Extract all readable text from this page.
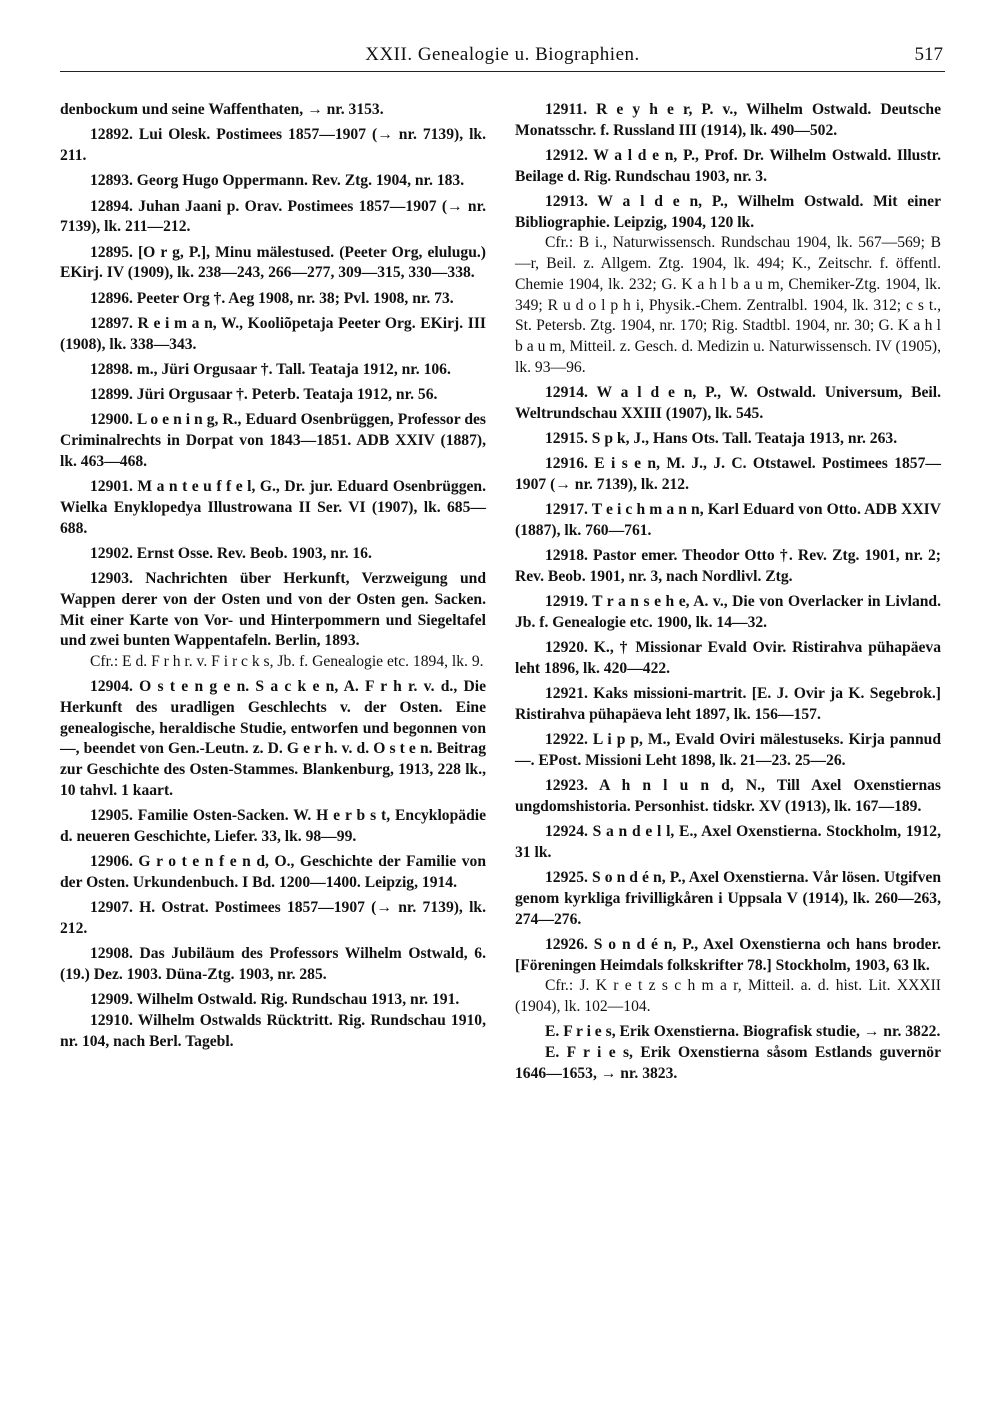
XXII. Genealogie u. Biographien.	517

denbockum und seine Waffenthaten, → nr. 3153.

12892. Lui Olesk. Postimees 1857—1907 (→ nr. 7139), lk. 211.

12893. Georg Hugo Oppermann. Rev. Ztg. 1904, nr. 183.

12894. Juhan Jaani p. Orav. Postimees 1857—1907 (→ nr. 7139), lk. 211—212.

12895. [O r g, P.], Minu mälestused. (Peeter Org, elulugu.) EKirj. IV (1909), lk. 238—243, 266—277, 309—315, 330—338.

12896. Peeter Org †. Aeg 1908, nr. 38; Pvl. 1908, nr. 73.

12897. R e i m a n, W., Kooliõpetaja Peeter Org. EKirj. III (1908), lk. 338—343.

12898. m., Jüri Orgusaar †. Tall. Teataja 1912, nr. 106.

12899. Jüri Orgusaar †. Peterb. Teataja 1912, nr. 56.

12900. L o e n i n g, R., Eduard Osenbrüggen, Professor des Criminalrechts in Dorpat von 1843—1851. ADB XXIV (1887), lk. 463—468.

12901. M a n t e u f f e l, G., Dr. jur. Eduard Osenbrüggen. Wielka Enyklopedya Illustrowana II Ser. VI (1907), lk. 685—688.

12902. Ernst Osse. Rev. Beob. 1903, nr. 16.

12903. Nachrichten über Herkunft, Verzweigung und Wappen derer von der Osten und von der Osten gen. Sacken. Mit einer Karte von Vor- und Hinterpommern und Siegeltafel und zwei bunten Wappentafeln. Berlin, 1893.

Cfr.: E d. F r h r. v. F i r c k s, Jb. f. Genealogie etc. 1894, lk. 9.

12904. O s t e n g e n. S a c k e n, A. F r h r. v. d., Die Herkunft des uradligen Geschlechts v. der Osten. Eine genealogische, heraldische Studie, entworfen und begonnen von —, beendet von Gen.-Leutn. z. D. G e r h. v. d. O s t e n. Beitrag zur Geschichte des Osten-Stammes. Blankenburg, 1913, 228 lk., 10 tahvl. 1 kaart.

12905. Familie Osten-Sacken. W. H e r b s t, Encyklopädie d. neueren Geschichte, Liefer. 33, lk. 98—99.

12906. G r o t e n f e n d, O., Geschichte der Familie von der Osten. Urkundenbuch. I Bd. 1200—1400. Leipzig, 1914.

12907. H. Ostrat. Postimees 1857—1907 (→ nr. 7139), lk. 212.

12908. Das Jubiläum des Professors Wilhelm Ostwald, 6. (19.) Dez. 1903. Düna-Ztg. 1903, nr. 285.

12909. Wilhelm Ostwald. Rig. Rundschau 1913, nr. 191.

12910. Wilhelm Ostwalds Rücktritt. Rig. Rundschau 1910, nr. 104, nach Berl. Tagebl.

12911. R e y h e r, P. v., Wilhelm Ostwald. Deutsche Monatsschr. f. Russland III (1914), lk. 490—502.

12912. W a l d e n, P., Prof. Dr. Wilhelm Ostwald. Illustr. Beilage d. Rig. Rundschau 1903, nr. 3.

12913. W a l d e n, P., Wilhelm Ostwald. Mit einer Bibliographie. Leipzig, 1904, 120 lk.

Cfr.: B i., Naturwissensch. Rundschau 1904, lk. 567—569; B—r, Beil. z. Allgem. Ztg. 1904, lk. 494; K., Zeitschr. f. öffentl. Chemie 1904, lk. 232; G. K a h l b a u m, Chemiker-Ztg. 1904, lk. 349; R u d o l p h i, Physik.-Chem. Zentralbl. 1904, lk. 312; c s t., St. Petersb. Ztg. 1904, nr. 170; Rig. Stadtbl. 1904, nr. 30; G. K a h l b a u m, Mitteil. z. Gesch. d. Medizin u. Naturwissensch. IV (1905), lk. 93—96.

12914. W a l d e n, P., W. Ostwald. Universum, Beil. Weltrundschau XXIII (1907), lk. 545.

12915. S p k, J., Hans Ots. Tall. Teataja 1913, nr. 263.

12916. E i s e n, M. J., J. C. Otstawel. Postimees 1857—1907 (→ nr. 7139), lk. 212.

12917. T e i c h m a n n, Karl Eduard von Otto. ADB XXIV (1887), lk. 760—761.

12918. Pastor emer. Theodor Otto †. Rev. Ztg. 1901, nr. 2; Rev. Beob. 1901, nr. 3, nach Nordlivl. Ztg.

12919. T r a n s e h e, A. v., Die von Overlacker in Livland. Jb. f. Genealogie etc. 1900, lk. 14—32.

12920. K., † Missionar Evald Ovir. Ristirahva pühapäeva leht 1896, lk. 420—422.

12921. Kaks missioni-martrit. [E. J. Ovir ja K. Segebrok.] Ristirahva pühapäeva leht 1897, lk. 156—157.

12922. L i p p, M., Evald Oviri mälestuseks. Kirja pannud —. EPost. Missioni Leht 1898, lk. 21—23. 25—26.

12923. A h n l u n d, N., Till Axel Oxenstiernas ungdomshistoria. Personhist. tidskr. XV (1913), lk. 167—189.

12924. S a n d e l l, E., Axel Oxenstierna. Stockholm, 1912, 31 lk.

12925. S o n d é n, P., Axel Oxenstierna. Vår lösen. Utgifven genom kyrkliga frivilligkåren i Uppsala V (1914), lk. 260—263, 274—276.

12926. S o n d é n, P., Axel Oxenstierna och hans broder. [Föreningen Heimdals folkskrifter 78.] Stockholm, 1903, 63 lk.

Cfr.: J. K r e t z s c h m a r, Mitteil. a. d. hist. Lit. XXXII (1904), lk. 102—104.

E. F r i e s, Erik Oxenstierna. Biografisk studie, → nr. 3822.

E. F r i e s, Erik Oxenstierna såsom Estlands guvernör 1646—1653, → nr. 3823.
